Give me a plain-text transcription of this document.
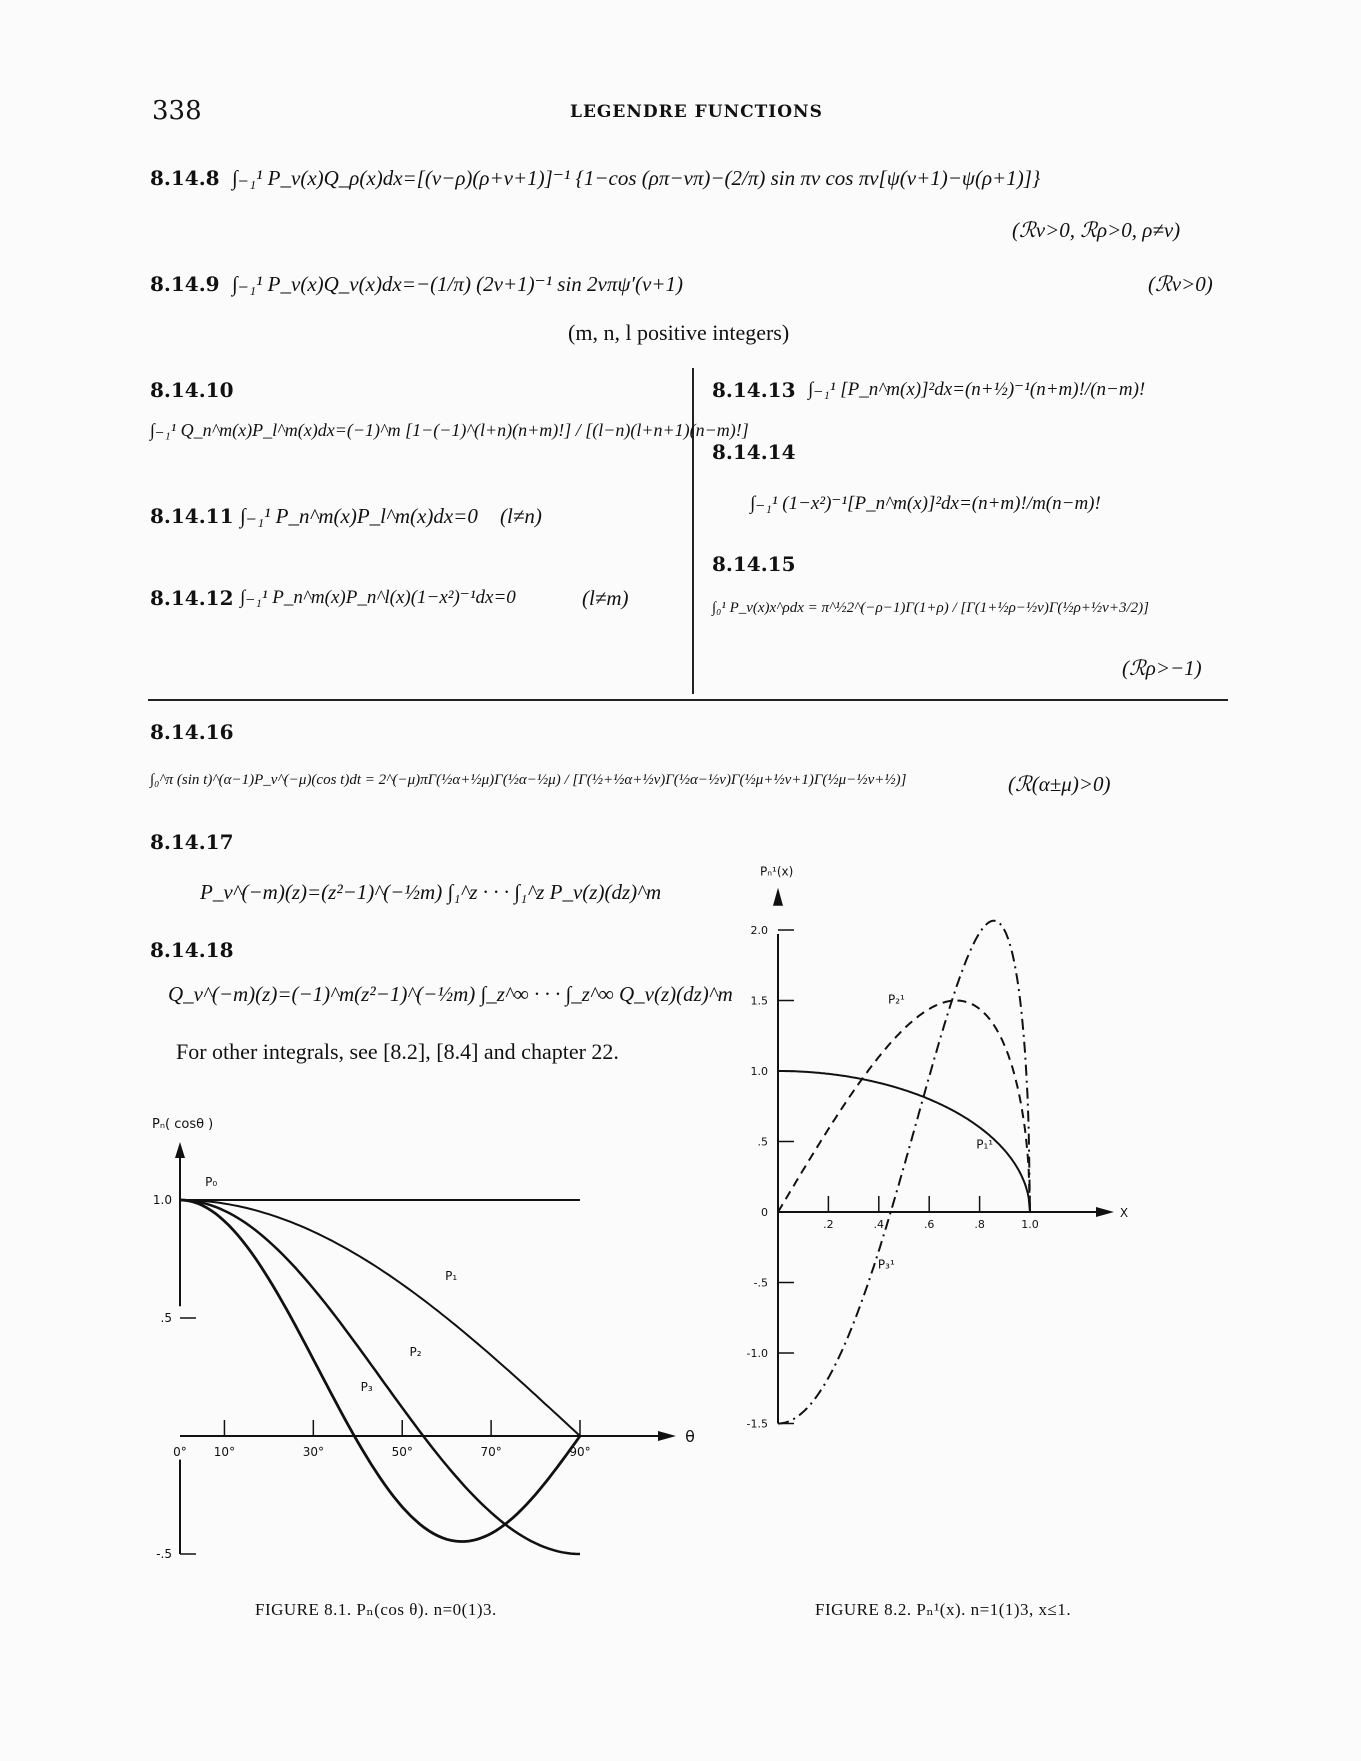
338	LEGENDRE FUNCTIONS
8.14.8 ∫₋₁¹ P_ν(x)Q_ρ(x)dx=[(ν−ρ)(ρ+ν+1)]⁻¹ {1−cos (ρπ−νπ)−(2/π) sin πν cos πν[ψ(ν+1)−ψ(ρ+1)]}
(ℛν>0, ℛρ>0, ρ≠ν)
8.14.9 ∫₋₁¹ P_ν(x)Q_ν(x)dx=−(1/π) (2ν+1)⁻¹ sin 2νπψ′(ν+1)	(ℛν>0)
(m, n, l positive integers)
8.14.10
∫₋₁¹ Q_n^m(x)P_l^m(x)dx=(−1)^m [1−(−1)^(l+n)(n+m)!] / [(l−n)(l+n+1)(n−m)!]
8.14.11 ∫₋₁¹ P_n^m(x)P_l^m(x)dx=0 (l≠n)
8.14.12 ∫₋₁¹ P_n^m(x)P_n^l(x)(1−x²)⁻¹dx=0	(l≠m)
8.14.13 ∫₋₁¹ [P_n^m(x)]²dx=(n+½)⁻¹(n+m)!/(n−m)!
8.14.14
∫₋₁¹ (1−x²)⁻¹[P_n^m(x)]²dx=(n+m)!/m(n−m)!
8.14.15
∫₀¹ P_ν(x)x^ρdx = π^½2^(−ρ−1)Γ(1+ρ) / [Γ(1+½ρ−½ν)Γ(½ρ+½ν+3/2)]
(ℛρ>−1)
8.14.16
∫₀^π (sin t)^(α−1)P_ν^(−μ)(cos t)dt = 2^(−μ)πΓ(½α+½μ)Γ(½α−½μ) / [Γ(½+½α+½ν)Γ(½α−½ν)Γ(½μ+½ν+1)Γ(½μ−½ν+½)]	(ℛ(α±μ)>0)
8.14.17
P_ν^(−m)(z)=(z²−1)^(−½m) ∫₁^z · · · ∫₁^z P_ν(z)(dz)^m
8.14.18
Q_ν^(−m)(z)=(−1)^m(z²−1)^(−½m) ∫_z^∞ · · · ∫_z^∞ Q_ν(z)(dz)^m
For other integrals, see [8.2], [8.4] and chapter 22.
θ
Pₙ( cosθ )
1.0
.5
-.5
0° 10°	30°	50°	70°	90°
P₀
P₁
P₂
P₃
FIGURE 8.1. Pₙ(cos θ). n=0(1)3.
X
Pₙ¹(x)
2.0
1.5
1.0
.5
0
-.5
-1.0
-1.5
.2	.4	.6	.8	1.0
P₁¹
P₂¹
P₃¹
FIGURE 8.2. Pₙ¹(x). n=1(1)3, x≤1.
